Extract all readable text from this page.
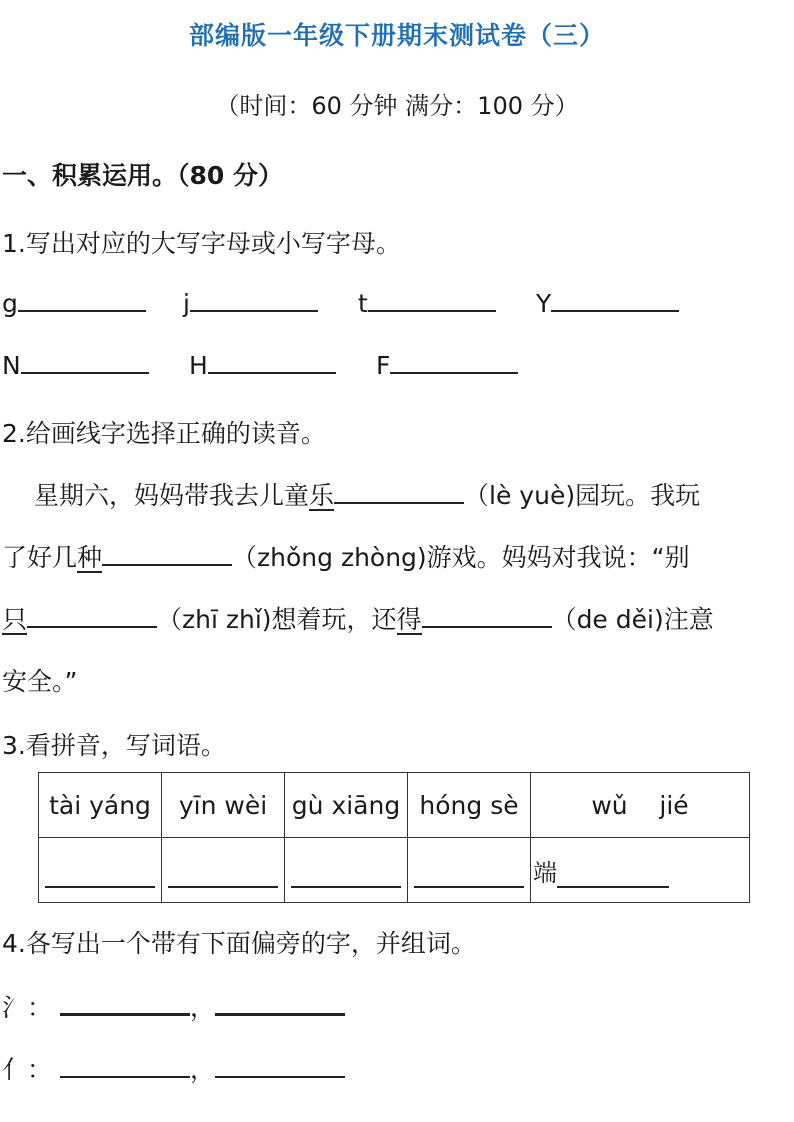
部编版一年级下册期末测试卷（三）
（时间：60 分钟 满分：100 分）
一、积累运用。（80 分）
1.写出对应的大写字母或小写字母。
g	j	t	Y
N	H	F
2.给画线字选择正确的读音。
星期六，妈妈带我去儿童乐	（lè yuè)园玩。我玩
了好几种	（zhǒng zhòng)游戏。妈妈对我说：“别
只	（zhī zhǐ)想着玩，还得	（de děi)注意
安全。”
3.看拼音，写词语。
tài yáng	yīn wèi	gù xiāng	hóng sè	wǔ    jié

				端
4.各写出一个带有下面偏旁的字，并组词。
氵：	，
亻：	，
